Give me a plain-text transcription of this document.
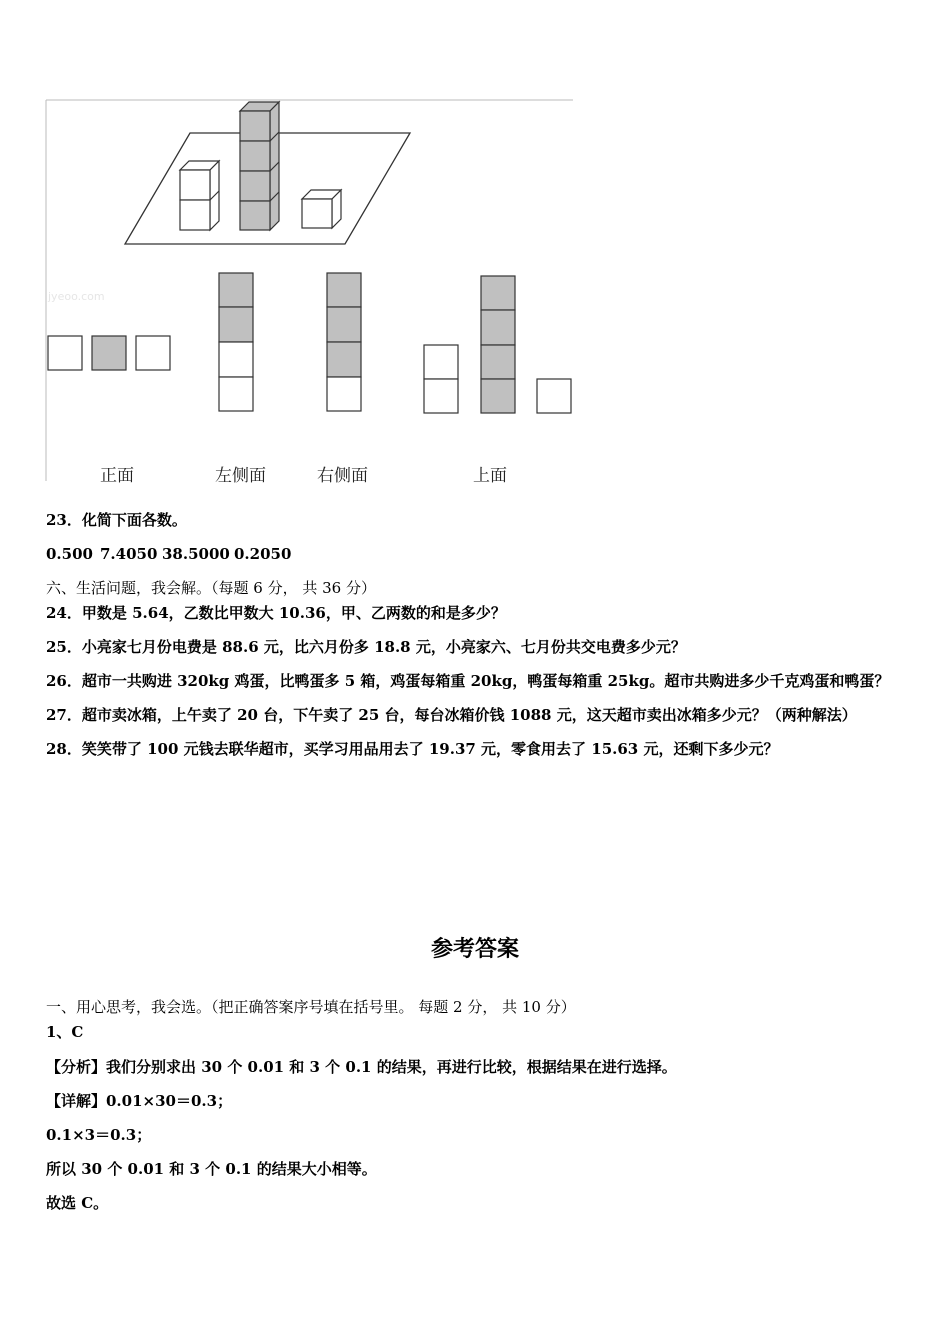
正面	左侧面	右侧面	上面
jyeoo.com
23．化简下面各数。
0.500 7.4050 38.5000 0.2050
六、生活问题，我会解。（每题 6 分， 共 36 分）
24．甲数是 5.64，乙数比甲数大 10.36，甲、乙两数的和是多少？
25．小亮家七月份电费是 88.6 元，比六月份多 18.8 元，小亮家六、七月份共交电费多少元？
26．超市一共购进 320kg 鸡蛋，比鸭蛋多 5 箱，鸡蛋每箱重 20kg，鸭蛋每箱重 25kg。超市共购进多少千克鸡蛋和鸭蛋？
27．超市卖冰箱，上午卖了 20 台，下午卖了 25 台，每台冰箱价钱 1088 元，这天超市卖出冰箱多少元？（两种解法）
28．笑笑带了 100 元钱去联华超市，买学习用品用去了 19.37 元，零食用去了 15.63 元，还剩下多少元？
参考答案
一、用心思考，我会选。（把正确答案序号填在括号里。 每题 2 分， 共 10 分）
1、C
【分析】我们分别求出 30 个 0.01 和 3 个 0.1 的结果，再进行比较，根据结果在进行选择。
【详解】0.01×30＝0.3；
0.1×3＝0.3；
所以 30 个 0.01 和 3 个 0.1 的结果大小相等。
故选 C。
